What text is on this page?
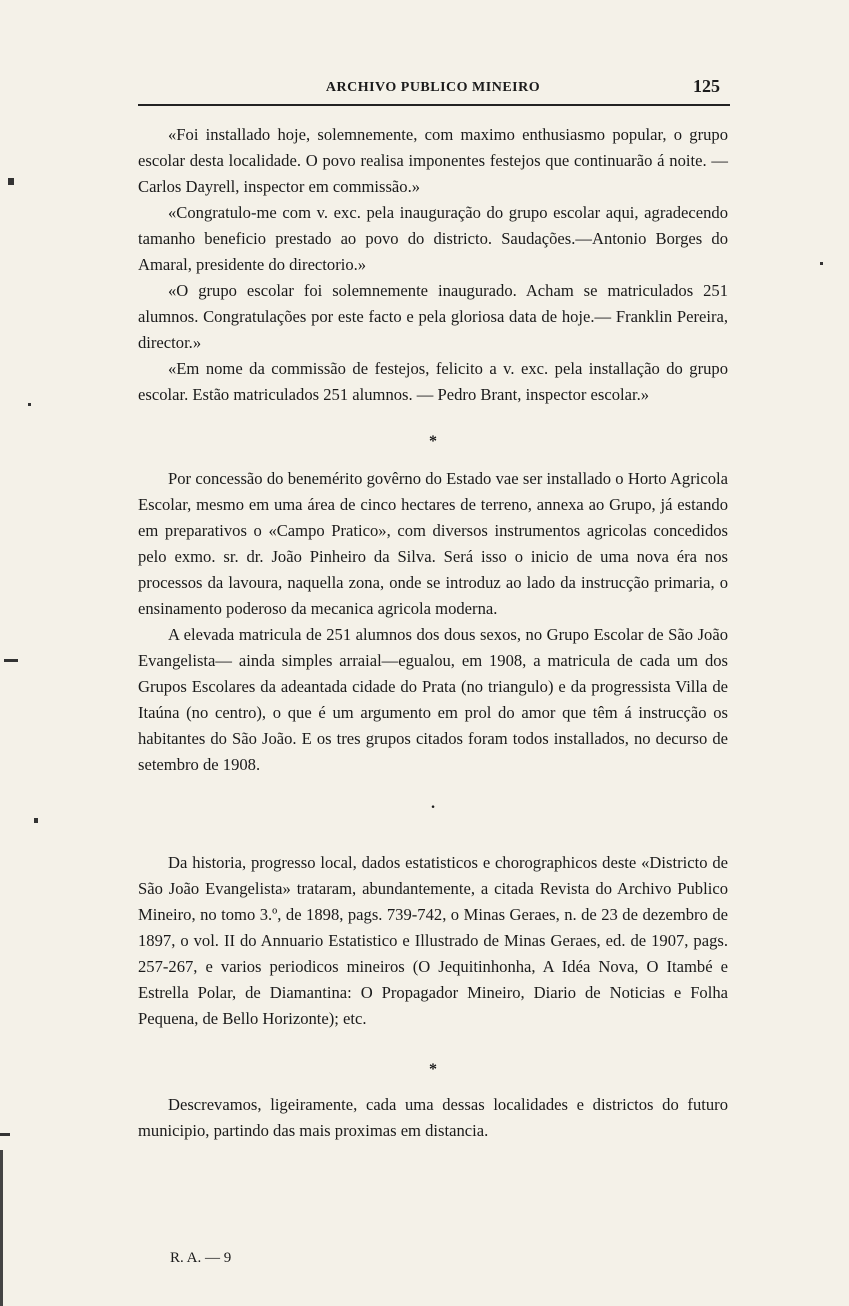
ARCHIVO PUBLICO MINEIRO	125

«Foi installado hoje, solemnemente, com maximo enthusiasmo popular, o grupo escolar desta localidade. O povo realisa imponentes festejos que continuarão á noite. —Carlos Dayrell, inspector em commissão.»

«Congratulo-me com v. exc. pela inauguração do grupo escolar aqui, agradecendo tamanho beneficio prestado ao povo do districto. Saudações.—Antonio Borges do Amaral, presidente do directorio.»

«O grupo escolar foi solemnemente inaugurado. Acham se matriculados 251 alumnos. Congratulações por este facto e pela gloriosa data de hoje.— Franklin Pereira, director.»

«Em nome da commissão de festejos, felicito a v. exc. pela installação do grupo escolar. Estão matriculados 251 alumnos. — Pedro Brant, inspector escolar.»

*

Por concessão do benemérito govêrno do Estado vae ser installado o Horto Agricola Escolar, mesmo em uma área de cinco hectares de terreno, annexa ao Grupo, já estando em preparativos o «Campo Pratico», com diversos instrumentos agricolas concedidos pelo exmo. sr. dr. João Pinheiro da Silva. Será isso o inicio de uma nova éra nos processos da lavoura, naquella zona, onde se introduz ao lado da instrucção primaria, o ensinamento poderoso da mecanica agricola moderna.

A elevada matricula de 251 alumnos dos dous sexos, no Grupo Escolar de São João Evangelista— ainda simples arraial—egualou, em 1908, a matricula de cada um dos Grupos Escolares da adeantada cidade do Prata (no triangulo) e da progressista Villa de Itaúna (no centro), o que é um argumento em prol do amor que têm á instrucção os habitantes do São João. E os tres grupos citados foram todos installados, no decurso de setembro de 1908.

·

Da historia, progresso local, dados estatisticos e chorographicos deste «Districto de São João Evangelista» trataram, abundantemente, a citada Revista do Archivo Publico Mineiro, no tomo 3.º, de 1898, pags. 739-742, o Minas Geraes, n. de 23 de dezembro de 1897, o vol. II do Annuario Estatistico e Illustrado de Minas Geraes, ed. de 1907, pags. 257-267, e varios periodicos mineiros (O Jequitinhonha, A Idéa Nova, O Itambé e Estrella Polar, de Diamantina: O Propagador Mineiro, Diario de Noticias e Folha Pequena, de Bello Horizonte); etc.

*

Descrevamos, ligeiramente, cada uma dessas localidades e districtos do futuro municipio, partindo das mais proximas em distancia.

R. A. — 9
